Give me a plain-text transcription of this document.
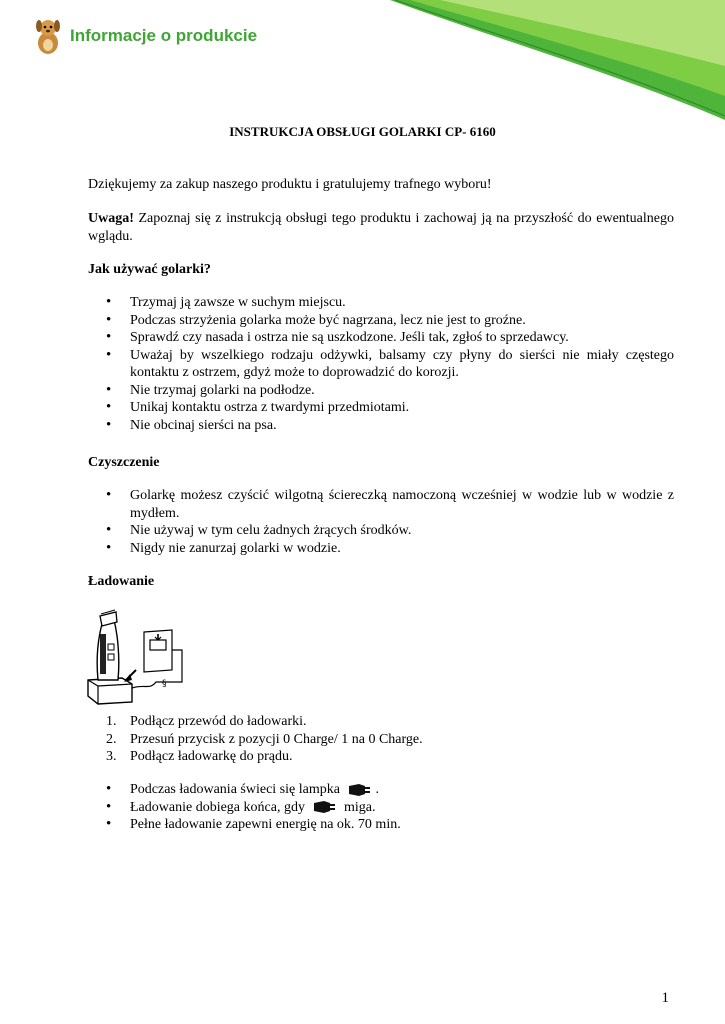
Informacje o produkcie
INSTRUKCJA OBSŁUGI GOLARKI CP- 6160
Dziękujemy za zakup naszego produktu i gratulujemy trafnego wyboru!
Uwaga! Zapoznaj się z instrukcją obsługi tego produktu i zachowaj ją na przyszłość do ewentualnego wglądu.
Jak używać golarki?
• Trzymaj ją zawsze w suchym miejscu.
• Podczas strzyżenia golarka może być nagrzana, lecz nie jest to groźne.
• Sprawdź czy nasada i ostrza nie są uszkodzone. Jeśli tak, zgłoś to sprzedawcy.
• Uważaj by wszelkiego rodzaju odżywki, balsamy czy płyny do sierści nie miały częstego kontaktu z ostrzem, gdyż może to doprowadzić do korozji.
• Nie trzymaj golarki na podłodze.
• Unikaj kontaktu ostrza z twardymi przedmiotami.
• Nie obcinaj sierści na psa.
Czyszczenie
• Golarkę możesz czyścić wilgotną ściereczką namoczoną wcześniej w wodzie lub w wodzie z mydłem.
• Nie używaj w tym celu żadnych żrących środków.
• Nigdy nie zanurzaj golarki w wodzie.
Ładowanie
§
1. Podłącz przewód do ładowarki.
2. Przesuń przycisk z pozycji 0 Charge/ 1 na 0 Charge.
3. Podłącz ładowarkę do prądu.
• Podczas ładowania świeci się lampka	.
• Ładowanie dobiega końca, gdy	miga.
• Pełne ładowanie zapewni energię na ok. 70 min.
1
